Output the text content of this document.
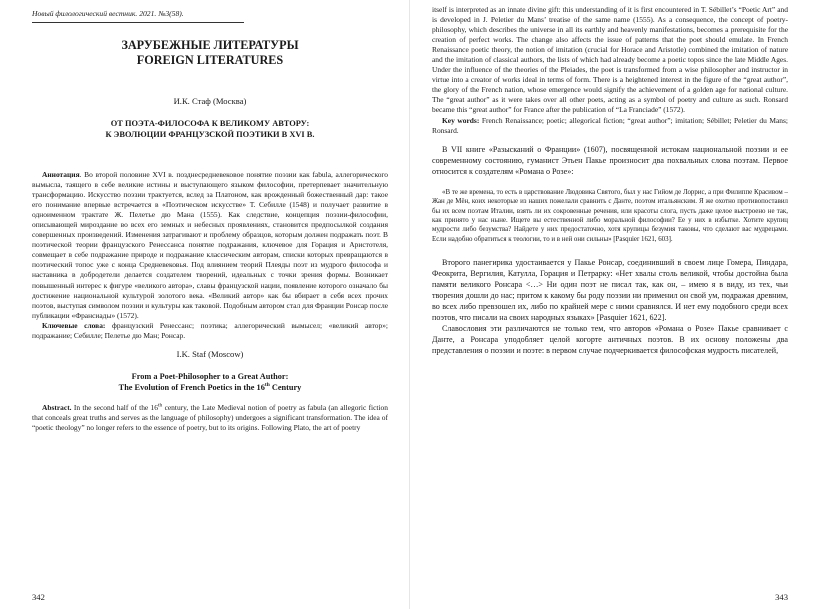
Новый филологический вестник. 2021. №3(58).
ЗАРУБЕЖНЫЕ ЛИТЕРАТУРЫ
FOREIGN LITERATURES
И.К. Стаф (Москва)
ОТ ПОЭТА-ФИЛОСОФА К ВЕЛИКОМУ АВТОРУ:
К ЭВОЛЮЦИИ ФРАНЦУЗСКОЙ ПОЭТИКИ В XVI В.

Аннотация. Во второй половине XVI в. позднесредневековое понятие поэзии как fabula, аллегорического вымысла, таящего в себе великие истины и выступающего языком философии, претерпевает значительную трансформацию. Искусство поэзии трактуется, вслед за Платоном, как врожденный божественный дар: такое его понимание впервые встречается в «Поэтическом искусстве» Т. Себилле (1548) и получает развитие в одноименном трактате Ж. Пелетье дю Мана (1555). Как следствие, концепция поэзии-философии, описывающей мироздание во всех его земных и небесных проявлениях, становится предпосылкой создания совершенных произведений. Изменения затрагивают и проблему образцов, которым должен подражать поэт. В поэтической теории французского Ренессанса понятие подражания, ключевое для Горация и Аристотеля, совмещает в себе подражание природе и подражание классическим авторам, списки которых превращаются в поэтический топос уже с конца Средневековья. Под влиянием теорий Плеяды поэт из мудрого философа и наставника в добродетели делается создателем творений, идеальных с точки зрения формы. Возникает повышенный интерес к фигуре «великого автора», славы французской нации, появление которого означало бы достижение национальной культурой золотого века. «Великий автор» как бы вбирает в себя всех прочих поэтов, выступая символом поэзии и культуры как таковой. Подобным автором стал для Франции Ронсар после публикации «Франсиады» (1572).

Ключевые слова: французский Ренессанс; поэтика; аллегорический вымысел; «великий автор»; подражание; Себилле; Пелетье дю Ман; Ронсар.

I.K. Staf (Moscow)
From a Poet-Philosopher to a Great Author:
The Evolution of French Poetics in the 16th Century

Abstract. In the second half of the 16th century, the Late Medieval notion of poetry as fabula (an allegoric fiction that conceals great truths and serves as the language of philosophy) undergoes a significant transformation. The idea of “poetic theology” no longer refers to the essence of poetry, but to its origins. Following Plato, the art of poetry

342

itself is interpreted as an innate divine gift: this understanding of it is first encountered in T. Sébillet’s “Poetic Art” and is developed in J. Peletier du Mans’ treatise of the same name (1555). As a consequence, the concept of poetry-philosophy, which describes the universe in all its earthly and heavenly manifestations, becomes a prerequisite for the creation of perfect works. The change also affects the issue of patterns that the poet should emulate. In French Renaissance poetic theory, the notion of imitation (crucial for Horace and Aristotle) combined the imitation of nature and the imitation of classical authors, the lists of which had already become a poetic topos since the late Middle Ages. Under the influence of the theories of the Pleiades, the poet is transformed from a wise philosopher and instructor in virtue into a creator of works ideal in terms of form. There is a heightened interest in the figure of the “great author”, the glory of the French nation, whose emergence would signify the achievement of a golden age for national culture. The “great author” as it were takes over all other poets, acting as a symbol of poetry and culture as such. Ronsard became this “great author” for France after the publication of “La Franciade” (1572).

Key words: French Renaissance; poetic; allegorical fiction; “great author”; imitation; Sébillet; Peletier du Mans; Ronsard.

В VII книге «Разысканий о Франции» (1607), посвященной истокам национальной поэзии и ее современному состоянию, гуманист Этьен Пакье произносит два похвальных слова поэтам. Первое относится к создателям «Романа о Розе»:

«В те же времена, то есть в царствование Людовика Святого, был у нас Гийом де Лоррис, а при Филиппе Красивом – Жан де Мён, коих некоторые из наших пожелали сравнить с Данте, поэтом итальянским. Я же охотно противопоставил бы их всем поэтам Италии, взять ли их сокровенные речения, или красоты слога, пусть даже целое выстроено не так, как принято у нас ныне. Ищете вы естественной либо моральной философии? Ее у них в избытке. Хотите крупиц мудрости либо безумства? Найдете у них предостаточно, хотя крупицы безумия таковы, что сделают вас мудрецами. Если надобно обратиться к теологии, то и в ней они сильны» [Pasquier 1621, 603].

Второго панегирика удостаивается у Пакье Ронсар, соединивший в своем лице Гомера, Пиндара, Феокрита, Вергилия, Катулла, Горация и Петрарку: «Нет хвалы столь великой, чтобы достойна была памяти великого Ронсара <…> Ни один поэт не писал так, как он, – имею я в виду, из тех, чьи творения дошли до нас; притом к какому бы роду поэзии ни применил он свой ум, подражая древним, во всех либо превзошел их, либо по крайней мере с ними сравнялся. И нет ему подобного среди всех поэтов, что писали на своих народных языках» [Pasquier 1621, 622].

Славословия эти различаются не только тем, что авторов «Романа о Розе» Пакье сравнивает с Данте, а Ронсара уподобляет целой когорте античных поэтов. В их основу положены два представления о поэзии и поэте: в первом случае подчеркивается философская мудрость писателей,

343
